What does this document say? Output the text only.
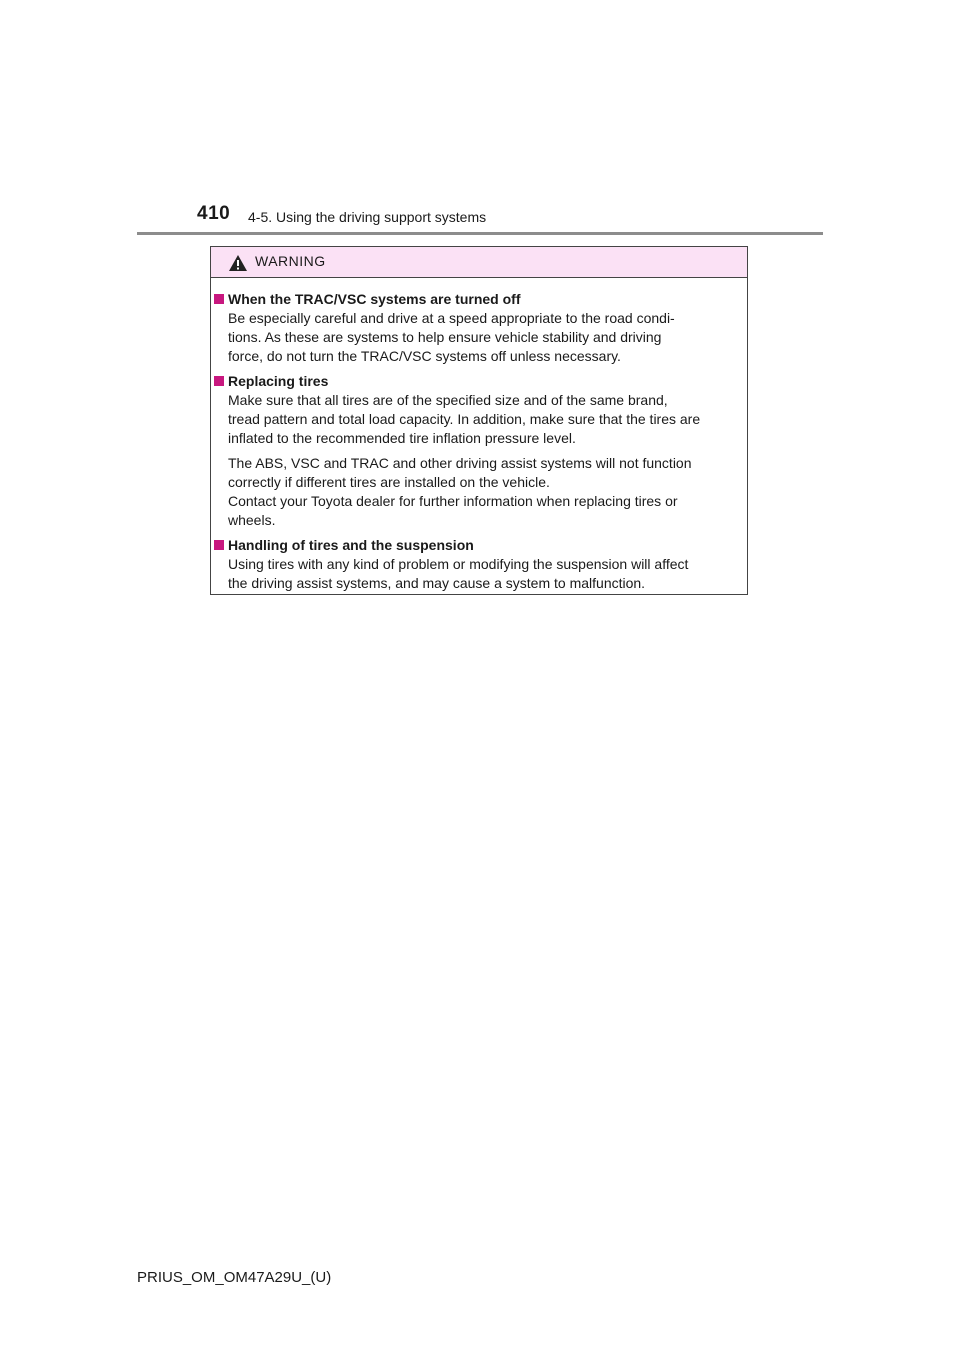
410 4-5. Using the driving support systems
WARNING
When the TRAC/VSC systems are turned off

Be especially careful and drive at a speed appropriate to the road condi-
tions. As these are systems to help ensure vehicle stability and driving
force, do not turn the TRAC/VSC systems off unless necessary.

Replacing tires

Make sure that all tires are of the specified size and of the same brand,
tread pattern and total load capacity. In addition, make sure that the tires are
inflated to the recommended tire inflation pressure level.

The ABS, VSC and TRAC and other driving assist systems will not function
correctly if different tires are installed on the vehicle.
Contact your Toyota dealer for further information when replacing tires or
wheels.

Handling of tires and the suspension

Using tires with any kind of problem or modifying the suspension will affect
the driving assist systems, and may cause a system to malfunction.

PRIUS_OM_OM47A29U_(U)
